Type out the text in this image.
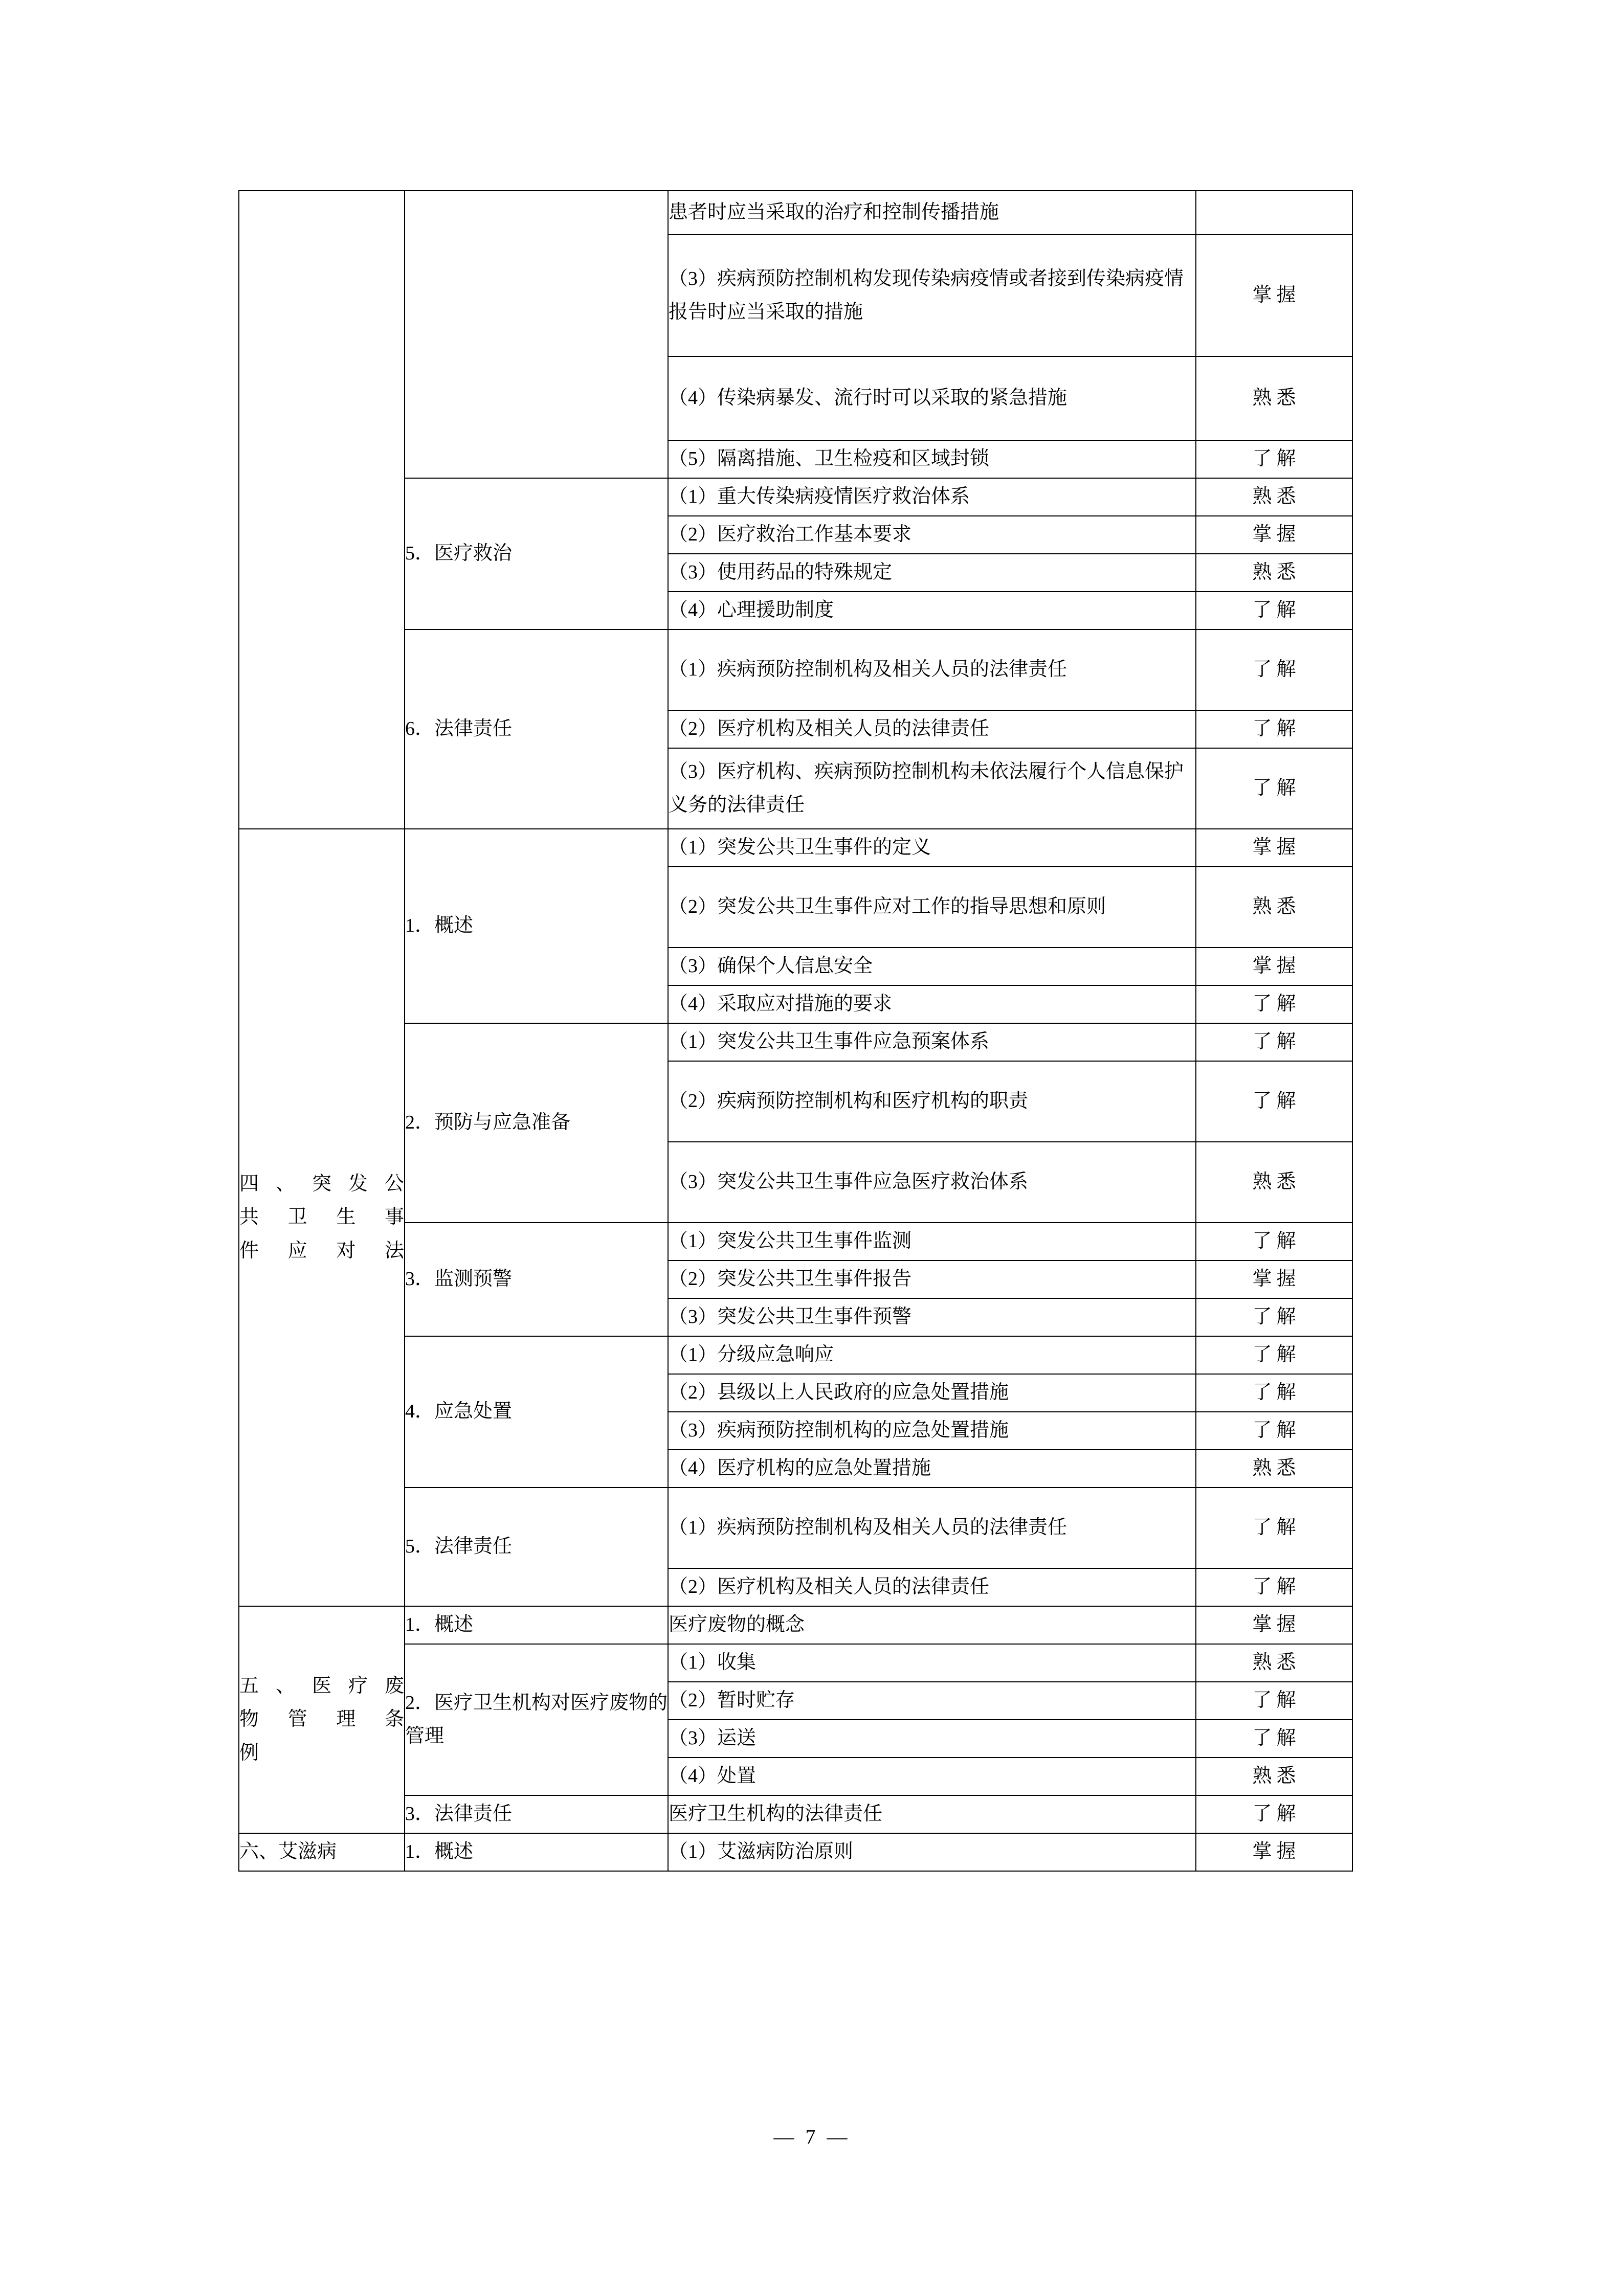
		患者时应当采取的治疗和控制传播措施	
		（3）疾病预防控制机构发现传染病疫情或者接到传染病疫情报告时应当采取的措施	掌握
		（4）传染病暴发、流行时可以采取的紧急措施	熟悉
		（5）隔离措施、卫生检疫和区域封锁	了解
	5．医疗救治	（1）重大传染病疫情医疗救治体系	熟悉
		（2）医疗救治工作基本要求	掌握
		（3）使用药品的特殊规定	熟悉
		（4）心理援助制度	了解
	6．法律责任	（1）疾病预防控制机构及相关人员的法律责任	了解
		（2）医疗机构及相关人员的法律责任	了解
		（3）医疗机构、疾病预防控制机构未依法履行个人信息保护义务的法律责任	了解

四、突发公
共卫生事
件应对法	1．概述	（1）突发公共卫生事件的定义	掌握
		（2）突发公共卫生事件应对工作的指导思想和原则	熟悉
		（3）确保个人信息安全	掌握
		（4）采取应对措施的要求	了解
	2．预防与应急准备	（1）突发公共卫生事件应急预案体系	了解
		（2）疾病预防控制机构和医疗机构的职责	了解
		（3）突发公共卫生事件应急医疗救治体系	熟悉
	3．监测预警	（1）突发公共卫生事件监测	了解
		（2）突发公共卫生事件报告	掌握
		（3）突发公共卫生事件预警	了解
	4．应急处置	（1）分级应急响应	了解
		（2）县级以上人民政府的应急处置措施	了解
		（3）疾病预防控制机构的应急处置措施	了解
		（4）医疗机构的应急处置措施	熟悉
	5．法律责任	（1）疾病预防控制机构及相关人员的法律责任	了解
		（2）医疗机构及相关人员的法律责任	了解

五、医疗废
物管理条
例	1．概述	医疗废物的概念	掌握
	2．医疗卫生机构对医疗废物的管理	（1）收集	熟悉
		（2）暂时贮存	了解
		（3）运送	了解
		（4）处置	熟悉
	3．法律责任	医疗卫生机构的法律责任	了解

六、艾滋病	1．概述	（1）艾滋病防治原则	掌握
— 7 —
